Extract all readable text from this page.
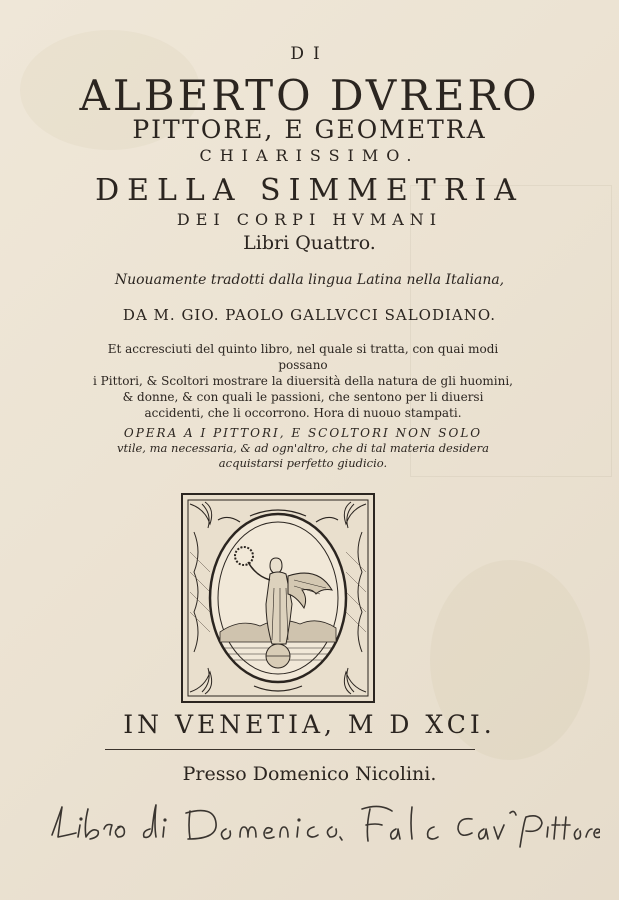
DI
ALBERTO DVRERO
PITTORE, E GEOMETRA
CHIARISSIMO.
DELLA SIMMETRIA
DEI CORPI HVMANI
Libri Quattro.
Nuouamente tradotti dalla lingua Latina nella Italiana,
DA M. GIO. PAOLO GALLVCCI SALODIANO.
Et accresciuti del quinto libro, nel quale si tratta, con quai modi possano
i Pittori, & Scoltori mostrare la diuersità della natura de gli huomini,
& donne, & con quali le passioni, che sentono per li diuersi
accidenti, che li occorrono. Hora di nuouo stampati.
OPERA A I PITTORI, E SCOLTORI NON SOLO
vtile, ma necessaria, & ad ogn'altro, che di tal materia desidera
acquistarsi perfetto giudicio.
IN VENETIA, M D XCI.
Presso Domenico Nicolini.
